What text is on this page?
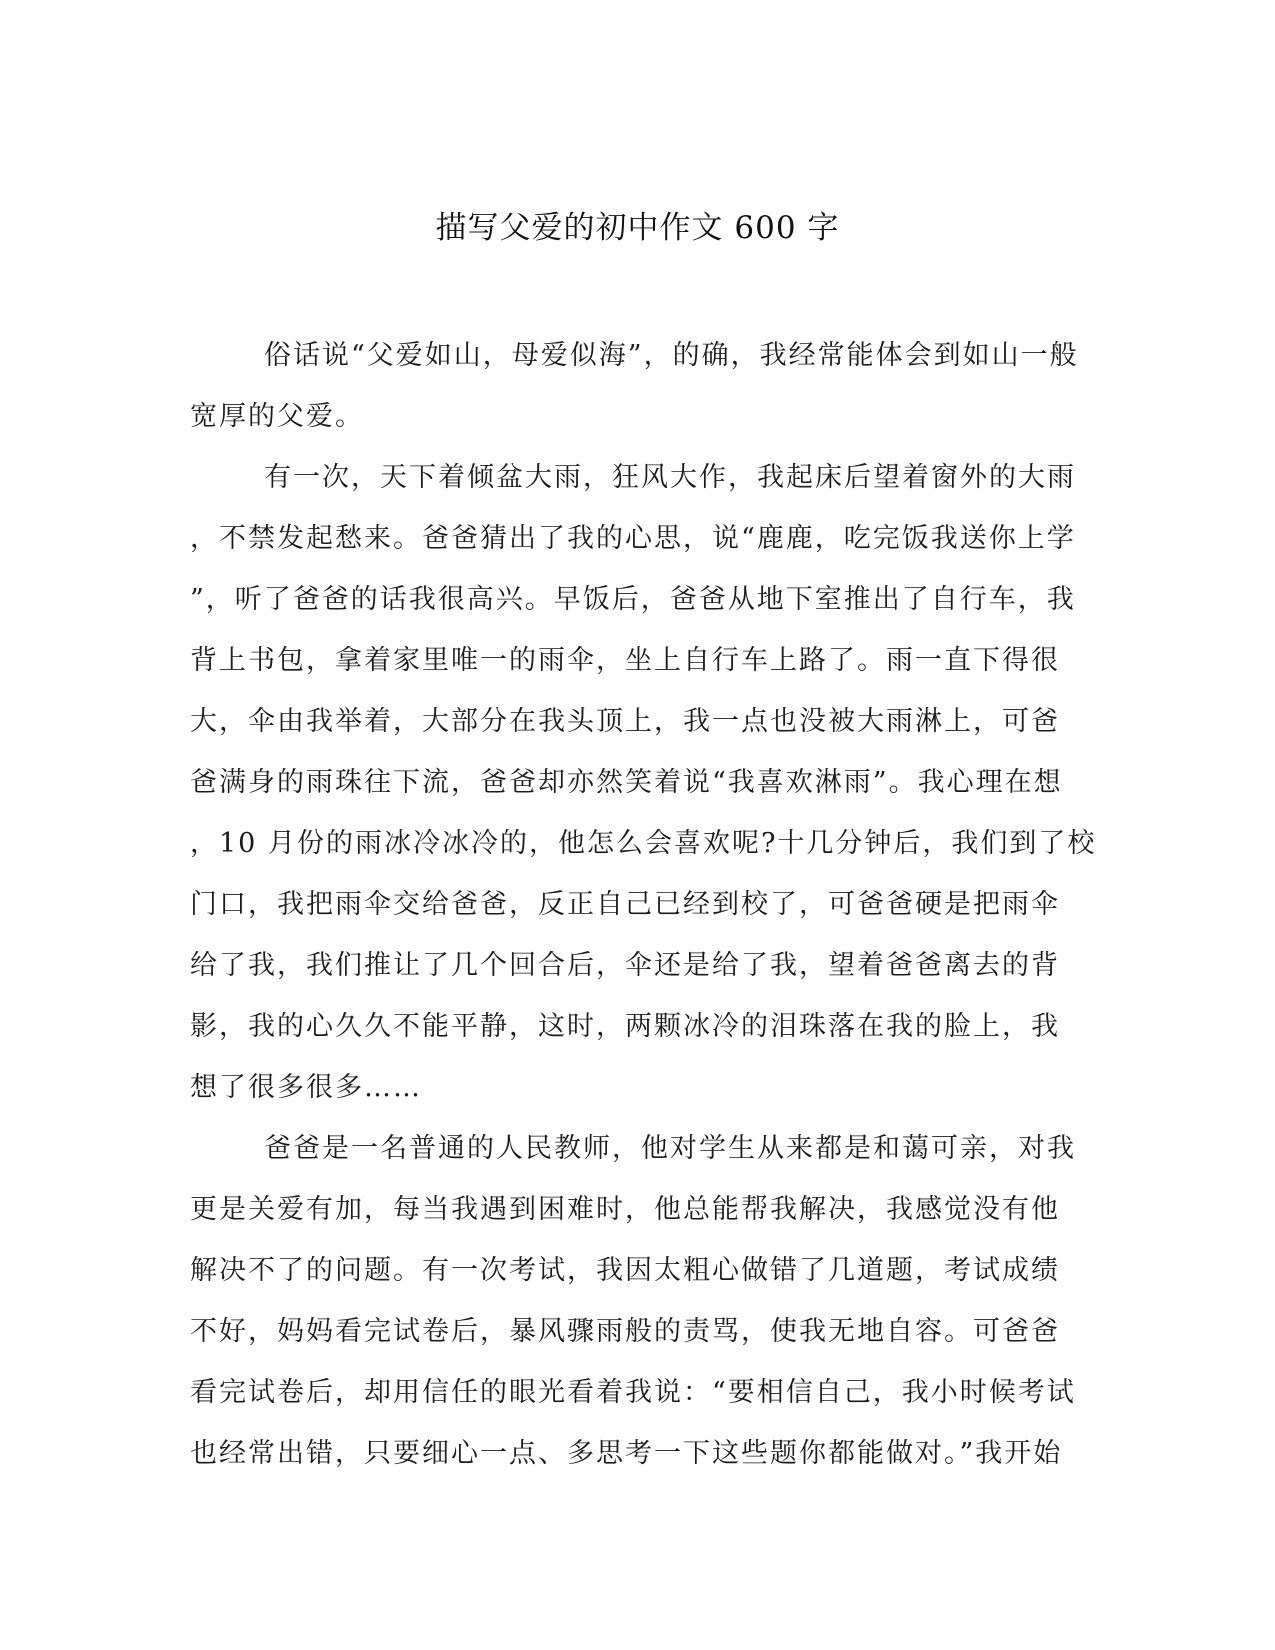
描写父爱的初中作文 600 字
俗话说“父爱如山，母爱似海”，的确，我经常能体会到如山一般
宽厚的父爱。
有一次，天下着倾盆大雨，狂风大作，我起床后望着窗外的大雨
，不禁发起愁来。爸爸猜出了我的心思，说“鹿鹿，吃完饭我送你上学
”，听了爸爸的话我很高兴。早饭后，爸爸从地下室推出了自行车，我
背上书包，拿着家里唯一的雨伞，坐上自行车上路了。雨一直下得很
大，伞由我举着，大部分在我头顶上，我一点也没被大雨淋上，可爸
爸满身的雨珠往下流，爸爸却亦然笑着说“我喜欢淋雨”。我心理在想
，10 月份的雨冰冷冰冷的，他怎么会喜欢呢?十几分钟后，我们到了校
门口，我把雨伞交给爸爸，反正自己已经到校了，可爸爸硬是把雨伞
给了我，我们推让了几个回合后，伞还是给了我，望着爸爸离去的背
影，我的心久久不能平静，这时，两颗冰冷的泪珠落在我的脸上，我
想了很多很多……
爸爸是一名普通的人民教师，他对学生从来都是和蔼可亲，对我
更是关爱有加，每当我遇到困难时，他总能帮我解决，我感觉没有他
解决不了的问题。有一次考试，我因太粗心做错了几道题，考试成绩
不好，妈妈看完试卷后，暴风骤雨般的责骂，使我无地自容。可爸爸
看完试卷后，却用信任的眼光看着我说：“要相信自己，我小时候考试
也经常出错，只要细心一点、多思考一下这些题你都能做对。”我开始
